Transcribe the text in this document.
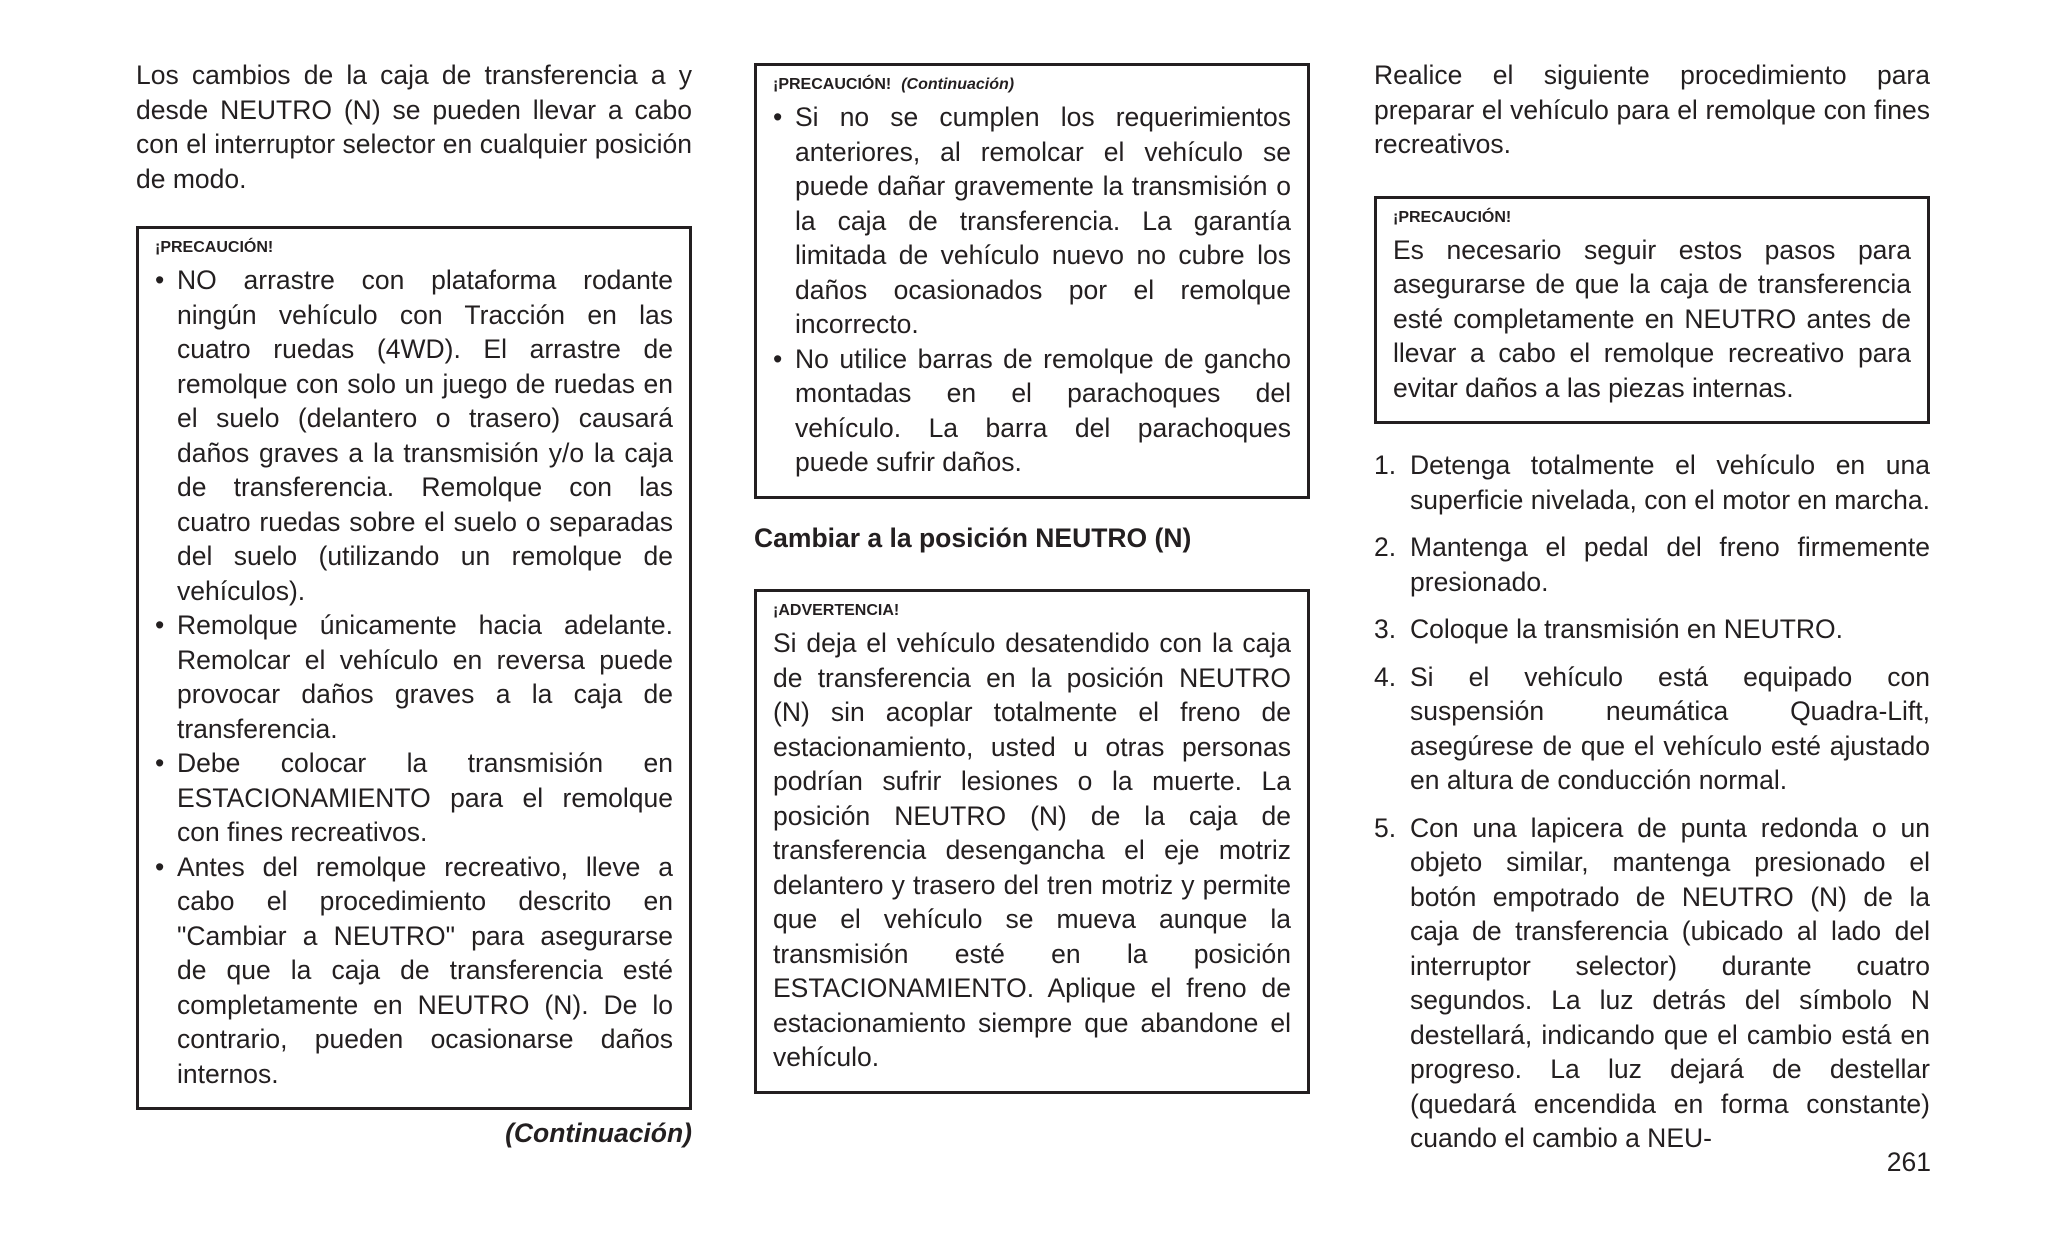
Los cambios de la caja de transferencia a y desde NEUTRO (N) se pueden llevar a cabo con el interruptor selector en cualquier posición de modo.

¡PRECAUCIÓN!
• NO arrastre con plataforma rodante ningún vehículo con Tracción en las cuatro ruedas (4WD). El arrastre de remolque con solo un juego de ruedas en el suelo (delantero o trasero) causará daños graves a la transmisión y/o la caja de transferencia. Remolque con las cuatro ruedas sobre el suelo o separadas del suelo (utilizando un remolque de vehículos).
• Remolque únicamente hacia adelante. Remolcar el vehículo en reversa puede provocar daños graves a la caja de transferencia.
• Debe colocar la transmisión en ESTACIONAMIENTO para el remolque con fines recreativos.
• Antes del remolque recreativo, lleve a cabo el procedimiento descrito en "Cambiar a NEUTRO" para asegurarse de que la caja de transferencia esté completamente en NEUTRO (N). De lo contrario, pueden ocasionarse daños internos.
(Continuación)
¡PRECAUCIÓN! (Continuación)
• Si no se cumplen los requerimientos anteriores, al remolcar el vehículo se puede dañar gravemente la transmisión o la caja de transferencia. La garantía limitada de vehículo nuevo no cubre los daños ocasionados por el remolque incorrecto.
• No utilice barras de remolque de gancho montadas en el parachoques del vehículo. La barra del parachoques puede sufrir daños.
Cambiar a la posición NEUTRO (N)
¡ADVERTENCIA!

Si deja el vehículo desatendido con la caja de transferencia en la posición NEUTRO (N) sin acoplar totalmente el freno de estacionamiento, usted u otras personas podrían sufrir lesiones o la muerte. La posición NEUTRO (N) de la caja de transferencia desengancha el eje motriz delantero y trasero del tren motriz y permite que el vehículo se mueva aunque la transmisión esté en la posición ESTACIONAMIENTO. Aplique el freno de estacionamiento siempre que abandone el vehículo.

Realice el siguiente procedimiento para preparar el vehículo para el remolque con fines recreativos.

¡PRECAUCIÓN!

Es necesario seguir estos pasos para asegurarse de que la caja de transferencia esté completamente en NEUTRO antes de llevar a cabo el remolque recreativo para evitar daños a las piezas internas.

1. Detenga totalmente el vehículo en una superficie nivelada, con el motor en marcha.
2. Mantenga el pedal del freno firmemente presionado.
3. Coloque la transmisión en NEUTRO.
4. Si el vehículo está equipado con suspensión neumática Quadra-Lift, asegúrese de que el vehículo esté ajustado en altura de conducción normal.
5. Con una lapicera de punta redonda o un objeto similar, mantenga presionado el botón empotrado de NEUTRO (N) de la caja de transferencia (ubicado al lado del interruptor selector) durante cuatro segundos. La luz detrás del símbolo N destellará, indicando que el cambio está en progreso. La luz dejará de destellar (quedará encendida en forma constante) cuando el cambio a NEU-
261
